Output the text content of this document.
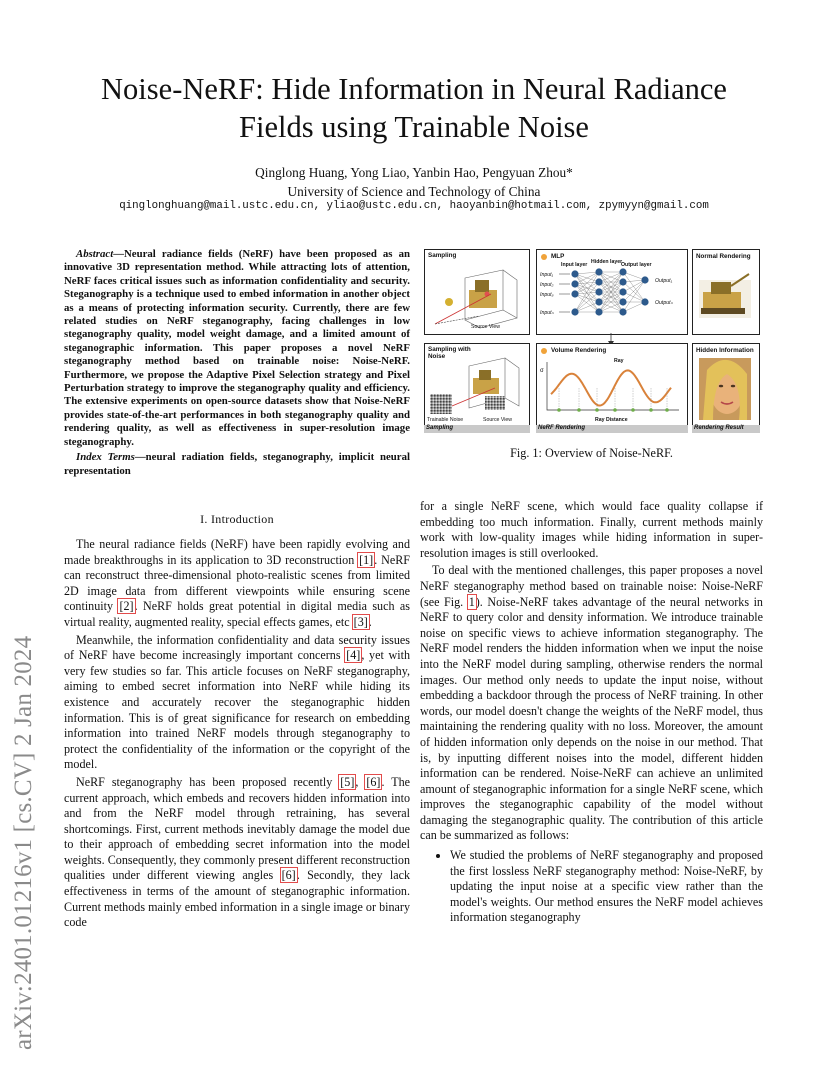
arXiv:2401.01216v1 [cs.CV] 2 Jan 2024
Noise-NeRF: Hide Information in Neural Radiance
Fields using Trainable Noise
Qinglong Huang, Yong Liao, Yanbin Hao, Pengyuan Zhou*
University of Science and Technology of China
qinglonghuang@mail.ustc.edu.cn, yliao@ustc.edu.cn, haoyanbin@hotmail.com, zpymyyn@gmail.com

Abstract—Neural radiance fields (NeRF) have been proposed as an innovative 3D representation method. While attracting lots of attention, NeRF faces critical issues such as information confidentiality and security. Steganography is a technique used to embed information in another object as a means of protecting information security. Currently, there are few related studies on NeRF steganography, facing challenges in low steganography quality, model weight damage, and a limited amount of steganographic information. This paper proposes a novel NeRF steganography method based on trainable noise: Noise-NeRF. Furthermore, we propose the Adaptive Pixel Selection strategy and Pixel Perturbation strategy to improve the steganography quality and efficiency. The extensive experiments on open-source datasets show that Noise-NeRF provides state-of-the-art performances in both steganography quality and rendering quality, as well as effectiveness in super-resolution image steganography.

Index Terms—neural radiation fields, steganography, implicit neural representation

I. Introduction

The neural radiance fields (NeRF) have been rapidly evolving and made breakthroughs in its application to 3D reconstruction [1]. NeRF can reconstruct three-dimensional photo-realistic scenes from limited 2D image data from different viewpoints while ensuring scene continuity [2]. NeRF holds great potential in digital media such as virtual reality, augmented reality, special effects games, etc [3].

Meanwhile, the information confidentiality and data security issues of NeRF have become increasingly important concerns [4], yet with very few studies so far. This article focuses on NeRF steganography, aiming to embed secret information into NeRF while hiding its existence and accurately recover the steganographic hidden information. This is of great significance for research on embedding information into trained NeRF models through steganography to protect the confidentiality of the information or the copyright of the model.

NeRF steganography has been proposed recently [5], [6]. The current approach, which embeds and recovers hidden information into and from the NeRF model through retraining, has several shortcomings. First, current methods inevitably damage the model due to their approach of embedding secret information into the model weights. Consequently, they commonly present different reconstruction qualities under different viewing angles [6]. Secondly, they lack effectiveness in terms of the amount of steganographic information. Current methods mainly embed information in a single image or binary code

Sampling
Source View
Sampling with Noise
Trainable Noise	Source View
Sampling
MLP
Input layer Hidden layer
Output layer
Input₁
Input₂
Input₃
Inputₙ
Output₁
Outputₙ
Volume Rendering
Ray
σ
Ray Distance
NeRF Rendering
Normal Rendering
Hidden Information
Rendering Result
Fig. 1: Overview of Noise-NeRF.

for a single NeRF scene, which would face quality collapse if embedding too much information. Finally, current methods mainly work with low-quality images while hiding information in super-resolution images is still overlooked.

To deal with the mentioned challenges, this paper proposes a novel NeRF steganography method based on trainable noise: Noise-NeRF (see Fig. 1). Noise-NeRF takes advantage of the neural networks in NeRF to query color and density information. We introduce trainable noise on specific views to achieve information steganography. The NeRF model renders the hidden information when we input the noise into the NeRF model during sampling, otherwise renders the normal images. Our method only needs to update the input noise, without embedding a backdoor through the process of NeRF training. In other words, our model doesn't change the weights of the NeRF model, thus maintaining the rendering quality with no loss. Moreover, the amount of hidden information only depends on the noise in our method. That is, by inputting different noises into the model, different hidden information can be rendered. Noise-NeRF can achieve an unlimited amount of steganographic information for a single NeRF scene, which improves the steganographic capability of the model without damaging the steganographic quality. The contribution of this article can be summarized as follows:

• We studied the problems of NeRF steganography and proposed the first lossless NeRF steganography method: Noise-NeRF, by updating the input noise at a specific view rather than the model's weights. Our method ensures the NeRF model achieves information steganography
